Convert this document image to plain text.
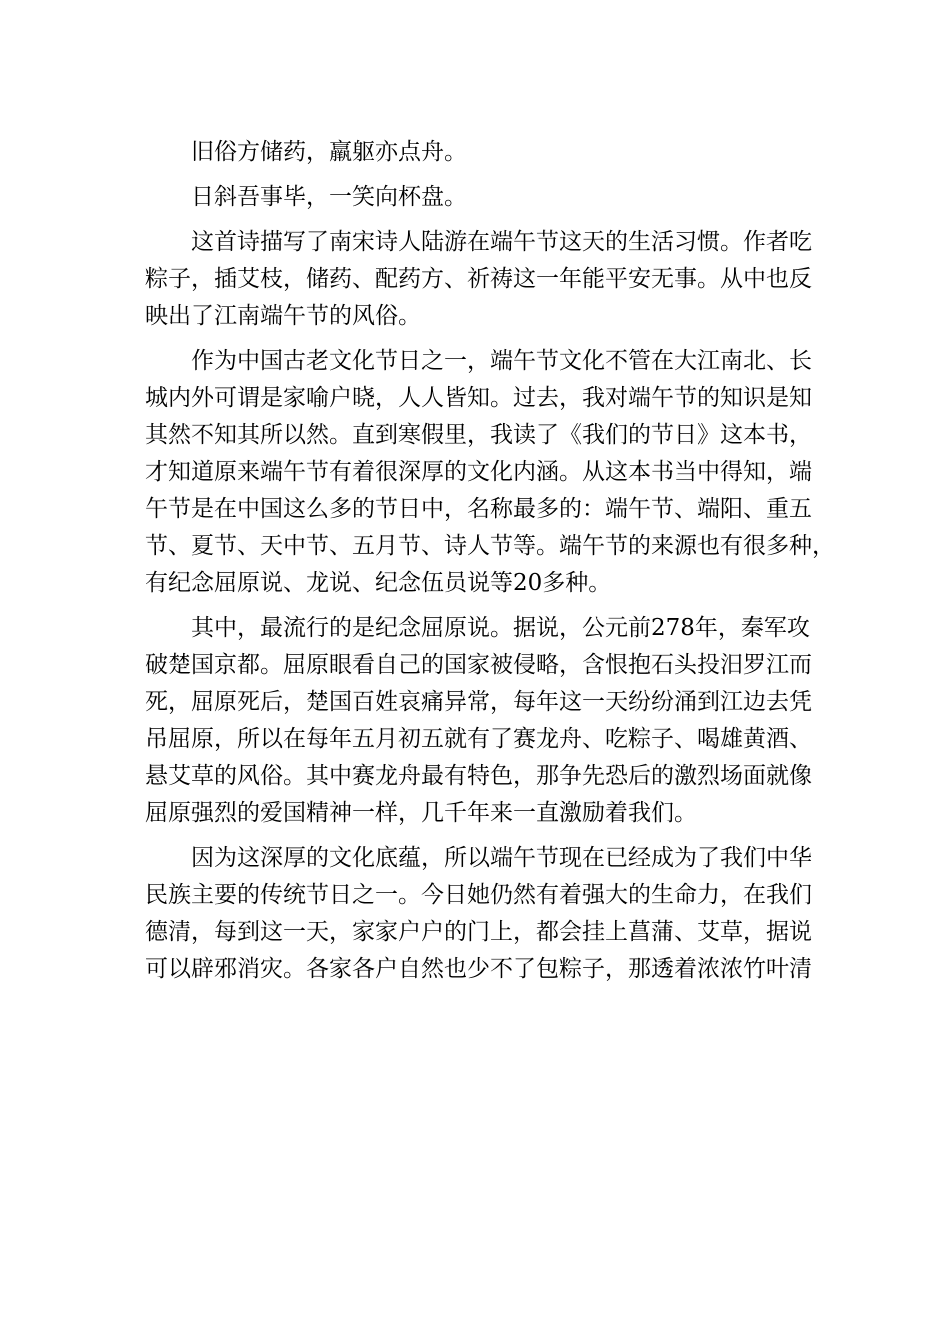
旧俗方储药，羸躯亦点舟。
日斜吾事毕，一笑向杯盘。
这首诗描写了南宋诗人陆游在端午节这天的生活习惯。作者吃
粽子，插艾枝，储药、配药方、祈祷这一年能平安无事。从中也反
映出了江南端午节的风俗。
作为中国古老文化节日之一，端午节文化不管在大江南北、长
城内外可谓是家喻户晓，人人皆知。过去，我对端午节的知识是知
其然不知其所以然。直到寒假里，我读了《我们的节日》这本书，
才知道原来端午节有着很深厚的文化内涵。从这本书当中得知，端
午节是在中国这么多的节日中，名称最多的：端午节、端阳、重五
节、夏节、天中节、五月节、诗人节等。端午节的来源也有很多种，
有纪念屈原说、龙说、纪念伍员说等20多种。
其中，最流行的是纪念屈原说。据说，公元前278年，秦军攻
破楚国京都。屈原眼看自己的国家被侵略，含恨抱石头投汨罗江而
死，屈原死后，楚国百姓哀痛异常，每年这一天纷纷涌到江边去凭
吊屈原，所以在每年五月初五就有了赛龙舟、吃粽子、喝雄黄酒、
悬艾草的风俗。其中赛龙舟最有特色，那争先恐后的激烈场面就像
屈原强烈的爱国精神一样，几千年来一直激励着我们。
因为这深厚的文化底蕴，所以端午节现在已经成为了我们中华
民族主要的传统节日之一。今日她仍然有着强大的生命力，在我们
德清，每到这一天，家家户户的门上，都会挂上菖蒲、艾草，据说
可以辟邪消灾。各家各户自然也少不了包粽子，那透着浓浓竹叶清
